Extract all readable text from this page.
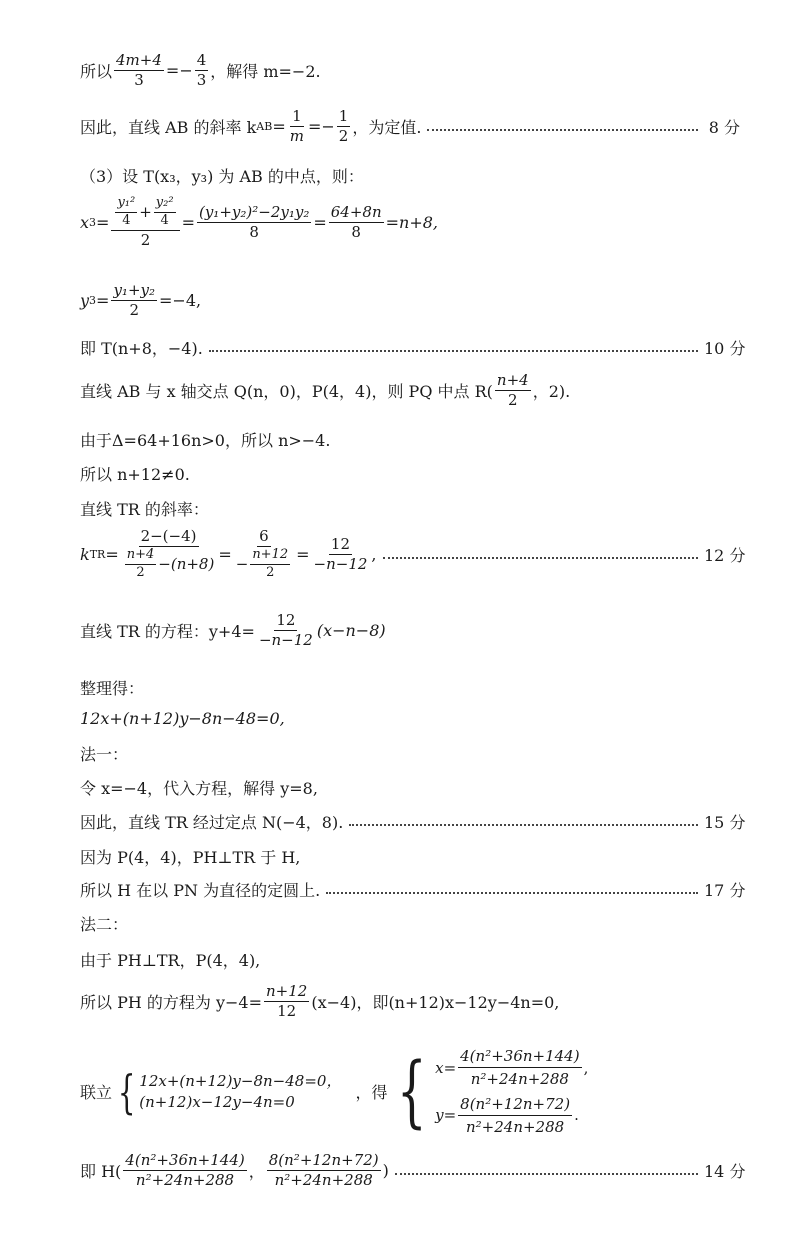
所以 $\frac{4m+4}{3} =- \frac{4}{3}$ ，解得 m=−2.
因此，直线 AB 的斜率 k AB = $\frac{1}{m} =- \frac{1}{2}$ ，为定值.	8 分
（3）设 T(x₃，y₃) 为 AB 的中点，则：
x $3 = \frac{\frac{\text{y₁²}}{4} + \frac{\text{y₂²}}{4}}{2} = \frac{\text{(y₁+y₂)²−2y₁y₂}}{8} = \frac{64+8n}{8} =n+8$,
y $3 = \frac{\text{y₁+y₂}}{2} =-4$,
即 T(n+8，−4).	10 分
直线 AB 与 x 轴交点 Q(n，0)，P(4，4)，则 PQ 中点 $R( \frac{n+4}{2}$ ，2).
由于Δ=64+16n>0，所以 n>−4.
所以 n+12≠0.
直线 TR 的斜率：
k TR = $\frac{2-(-4)}{\frac{n+4}{2} -(n+8)} = \frac{6}{- \frac{n+12}{2}} = \frac{12}{-n-12}$ ,	12 分
直线 TR 的方程：$y+4= \frac{12}{-n-12} (x-n-8)$
整理得：
12x+(n+12)y−8n−48=0,
法一：
令 x=−4，代入方程，解得 y=8,
因此，直线 TR 经过定点 N(−4，8).	15 分
因为 P(4，4)，PH⊥TR 于 H,
所以 H 在以 PN 为直径的定圆上.	17 分
法二：
由于 PH⊥TR，P(4，4),
所以 PH 的方程为 $y-4= \frac{n+12}{12} (x-4)$，即(n+12)x−12y−4n=0,
联立 { 12x+(n+12)y−8n−48=0，
(n+12)x−12y−4n=0	，得 { $x= \frac{\text{4(n²+36n+144)}}{\text{n²+24n+288}}$ ,
$y= \frac{\text{8(n²+12n+72)}}{\text{n²+24n+288}}$ .
即 $H( \frac{\text{4(n²+36n+144)}}{\text{n²+24n+288}}$ ， $\frac{\text{8(n²+12n+72)}}{\text{n²+24n+288}}$ )	14 分
